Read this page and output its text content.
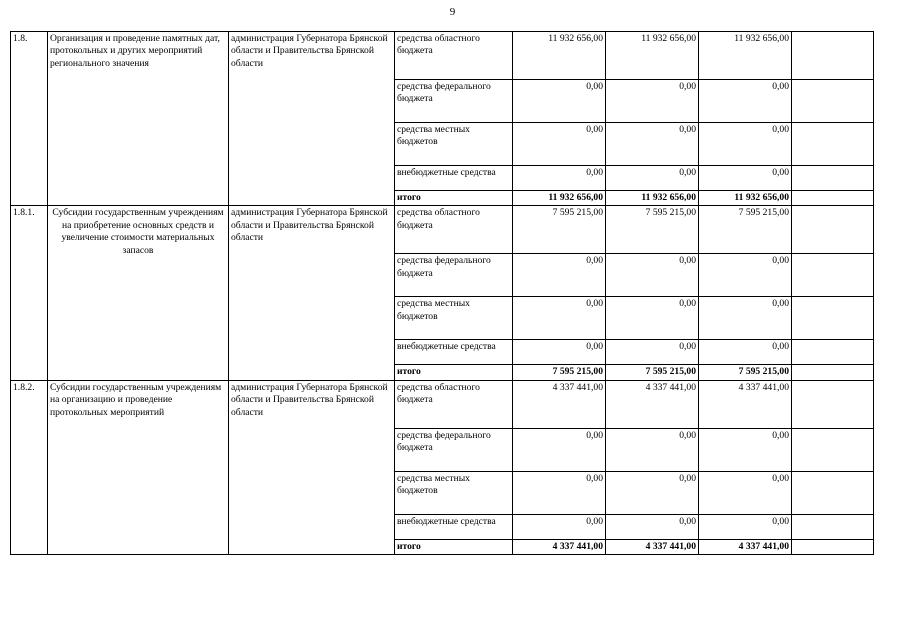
9
1.8.	Организация и проведение памятных дат, протокольных и других мероприятий регионального значения	администрация Губернатора Брянской области и Правительства Брянской области	средства областного бюджета	11 932 656,00	11 932 656,00	11 932 656,00	
			средства федерального бюджета	0,00	0,00	0,00	
			средства местных бюджетов	0,00	0,00	0,00	
			внебюджетные средства	0,00	0,00	0,00	
			итого	11 932 656,00	11 932 656,00	11 932 656,00	
1.8.1.	Субсидии государственным учреждениям на приобретение основных средств и увеличение стоимости материальных запасов	администрация Губернатора Брянской области и Правительства Брянской области	средства областного бюджета	7 595 215,00	7 595 215,00	7 595 215,00	
			средства федерального бюджета	0,00	0,00	0,00	
			средства местных бюджетов	0,00	0,00	0,00	
			внебюджетные средства	0,00	0,00	0,00	
			итого	7 595 215,00	7 595 215,00	7 595 215,00	
1.8.2.	Субсидии государственным учреждениям на организацию и проведение протокольных мероприятий	администрация Губернатора Брянской области и Правительства Брянской области	средства областного бюджета	4 337 441,00	4 337 441,00	4 337 441,00	
			средства федерального бюджета	0,00	0,00	0,00	
			средства местных бюджетов	0,00	0,00	0,00	
			внебюджетные средства	0,00	0,00	0,00	
			итого	4 337 441,00	4 337 441,00	4 337 441,00	
